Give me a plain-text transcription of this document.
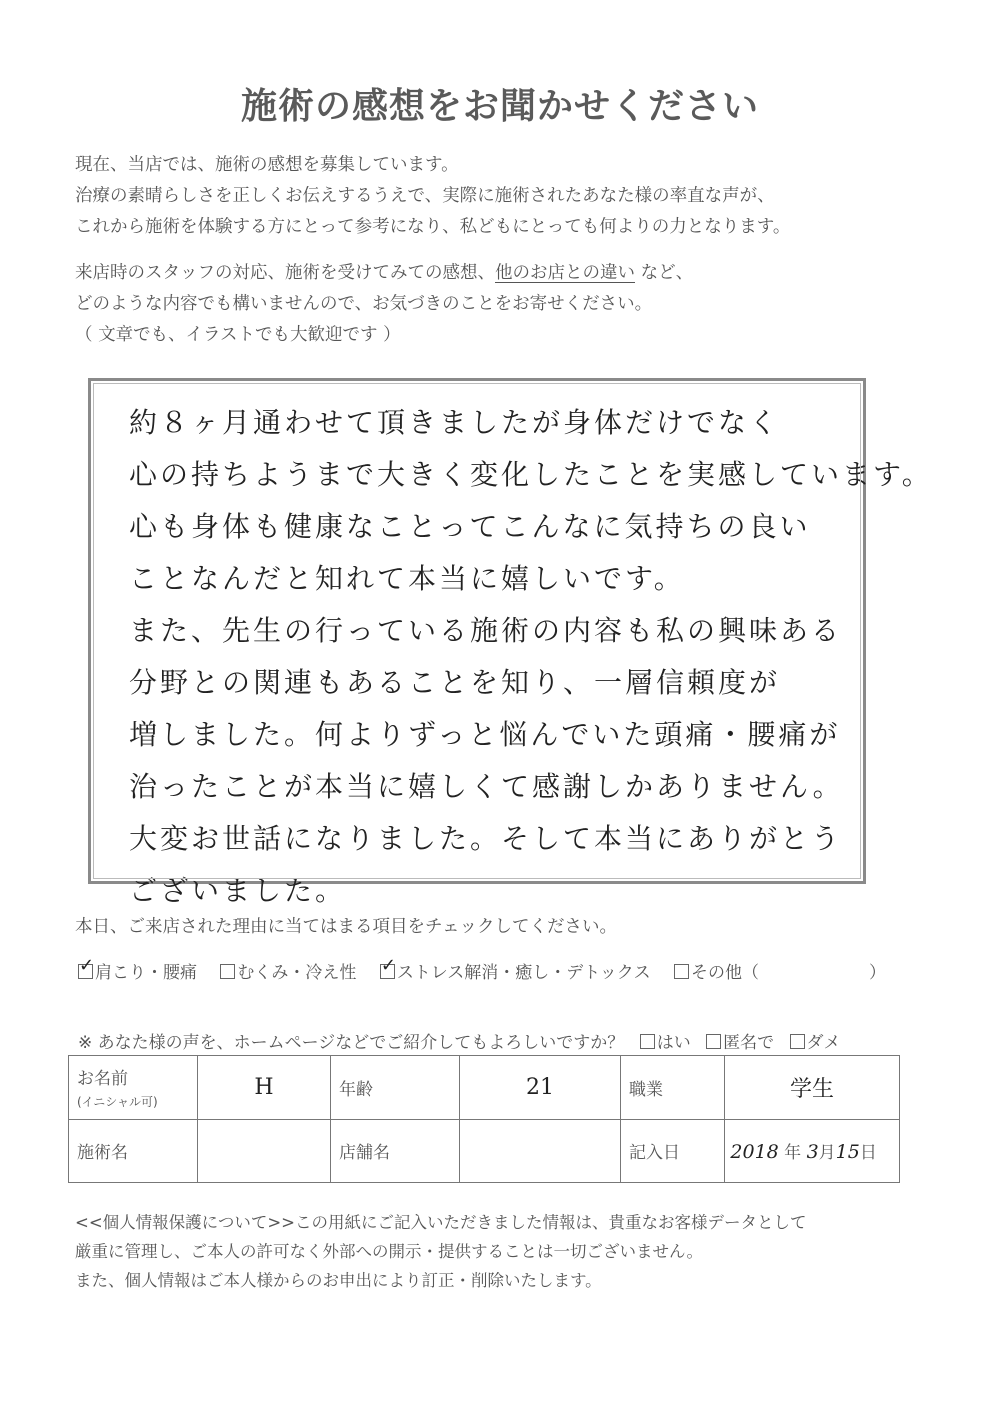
施術の感想をお聞かせください
現在、当店では、施術の感想を募集しています。
治療の素晴らしさを正しくお伝えするうえで、実際に施術されたあなた様の率直な声が、
これから施術を体験する方にとって参考になり、私どもにとっても何よりの力となります。
来店時のスタッフの対応、施術を受けてみての感想、他のお店との違い など、
どのような内容でも構いませんので、お気づきのことをお寄せください。
（ 文章でも、イラストでも大歓迎です ）
約８ヶ月通わせて頂きましたが身体だけでなく
心の持ちようまで大きく変化したことを実感しています。
心も身体も健康なことってこんなに気持ちの良い
ことなんだと知れて本当に嬉しいです。
また、先生の行っている施術の内容も私の興味ある
分野との関連もあることを知り、一層信頼度が
増しました。何よりずっと悩んでいた頭痛・腰痛が
治ったことが本当に嬉しくて感謝しかありません。
大変お世話になりました。そして本当にありがとう
ございました。
本日、ご来店された理由に当てはまる項目をチェックしてください。
✓肩こり・腰痛 むくみ・冷え性 ✓ ストレス解消・癒し・デトックス その他（	）
※ あなた様の声を、ホームページなどでご紹介してもよろしいですか？ はい 匿名で ダメ
お名前
(イニシャル可)	H	年齢	21	職業	学生
施術名		店舗名		記入日	2018 年 3月15日
<<個人情報保護について>>この用紙にご記入いただきました情報は、貴重なお客様データとして
厳重に管理し、ご本人の許可なく外部への開示・提供することは一切ございません。
また、個人情報はご本人様からのお申出により訂正・削除いたします。
